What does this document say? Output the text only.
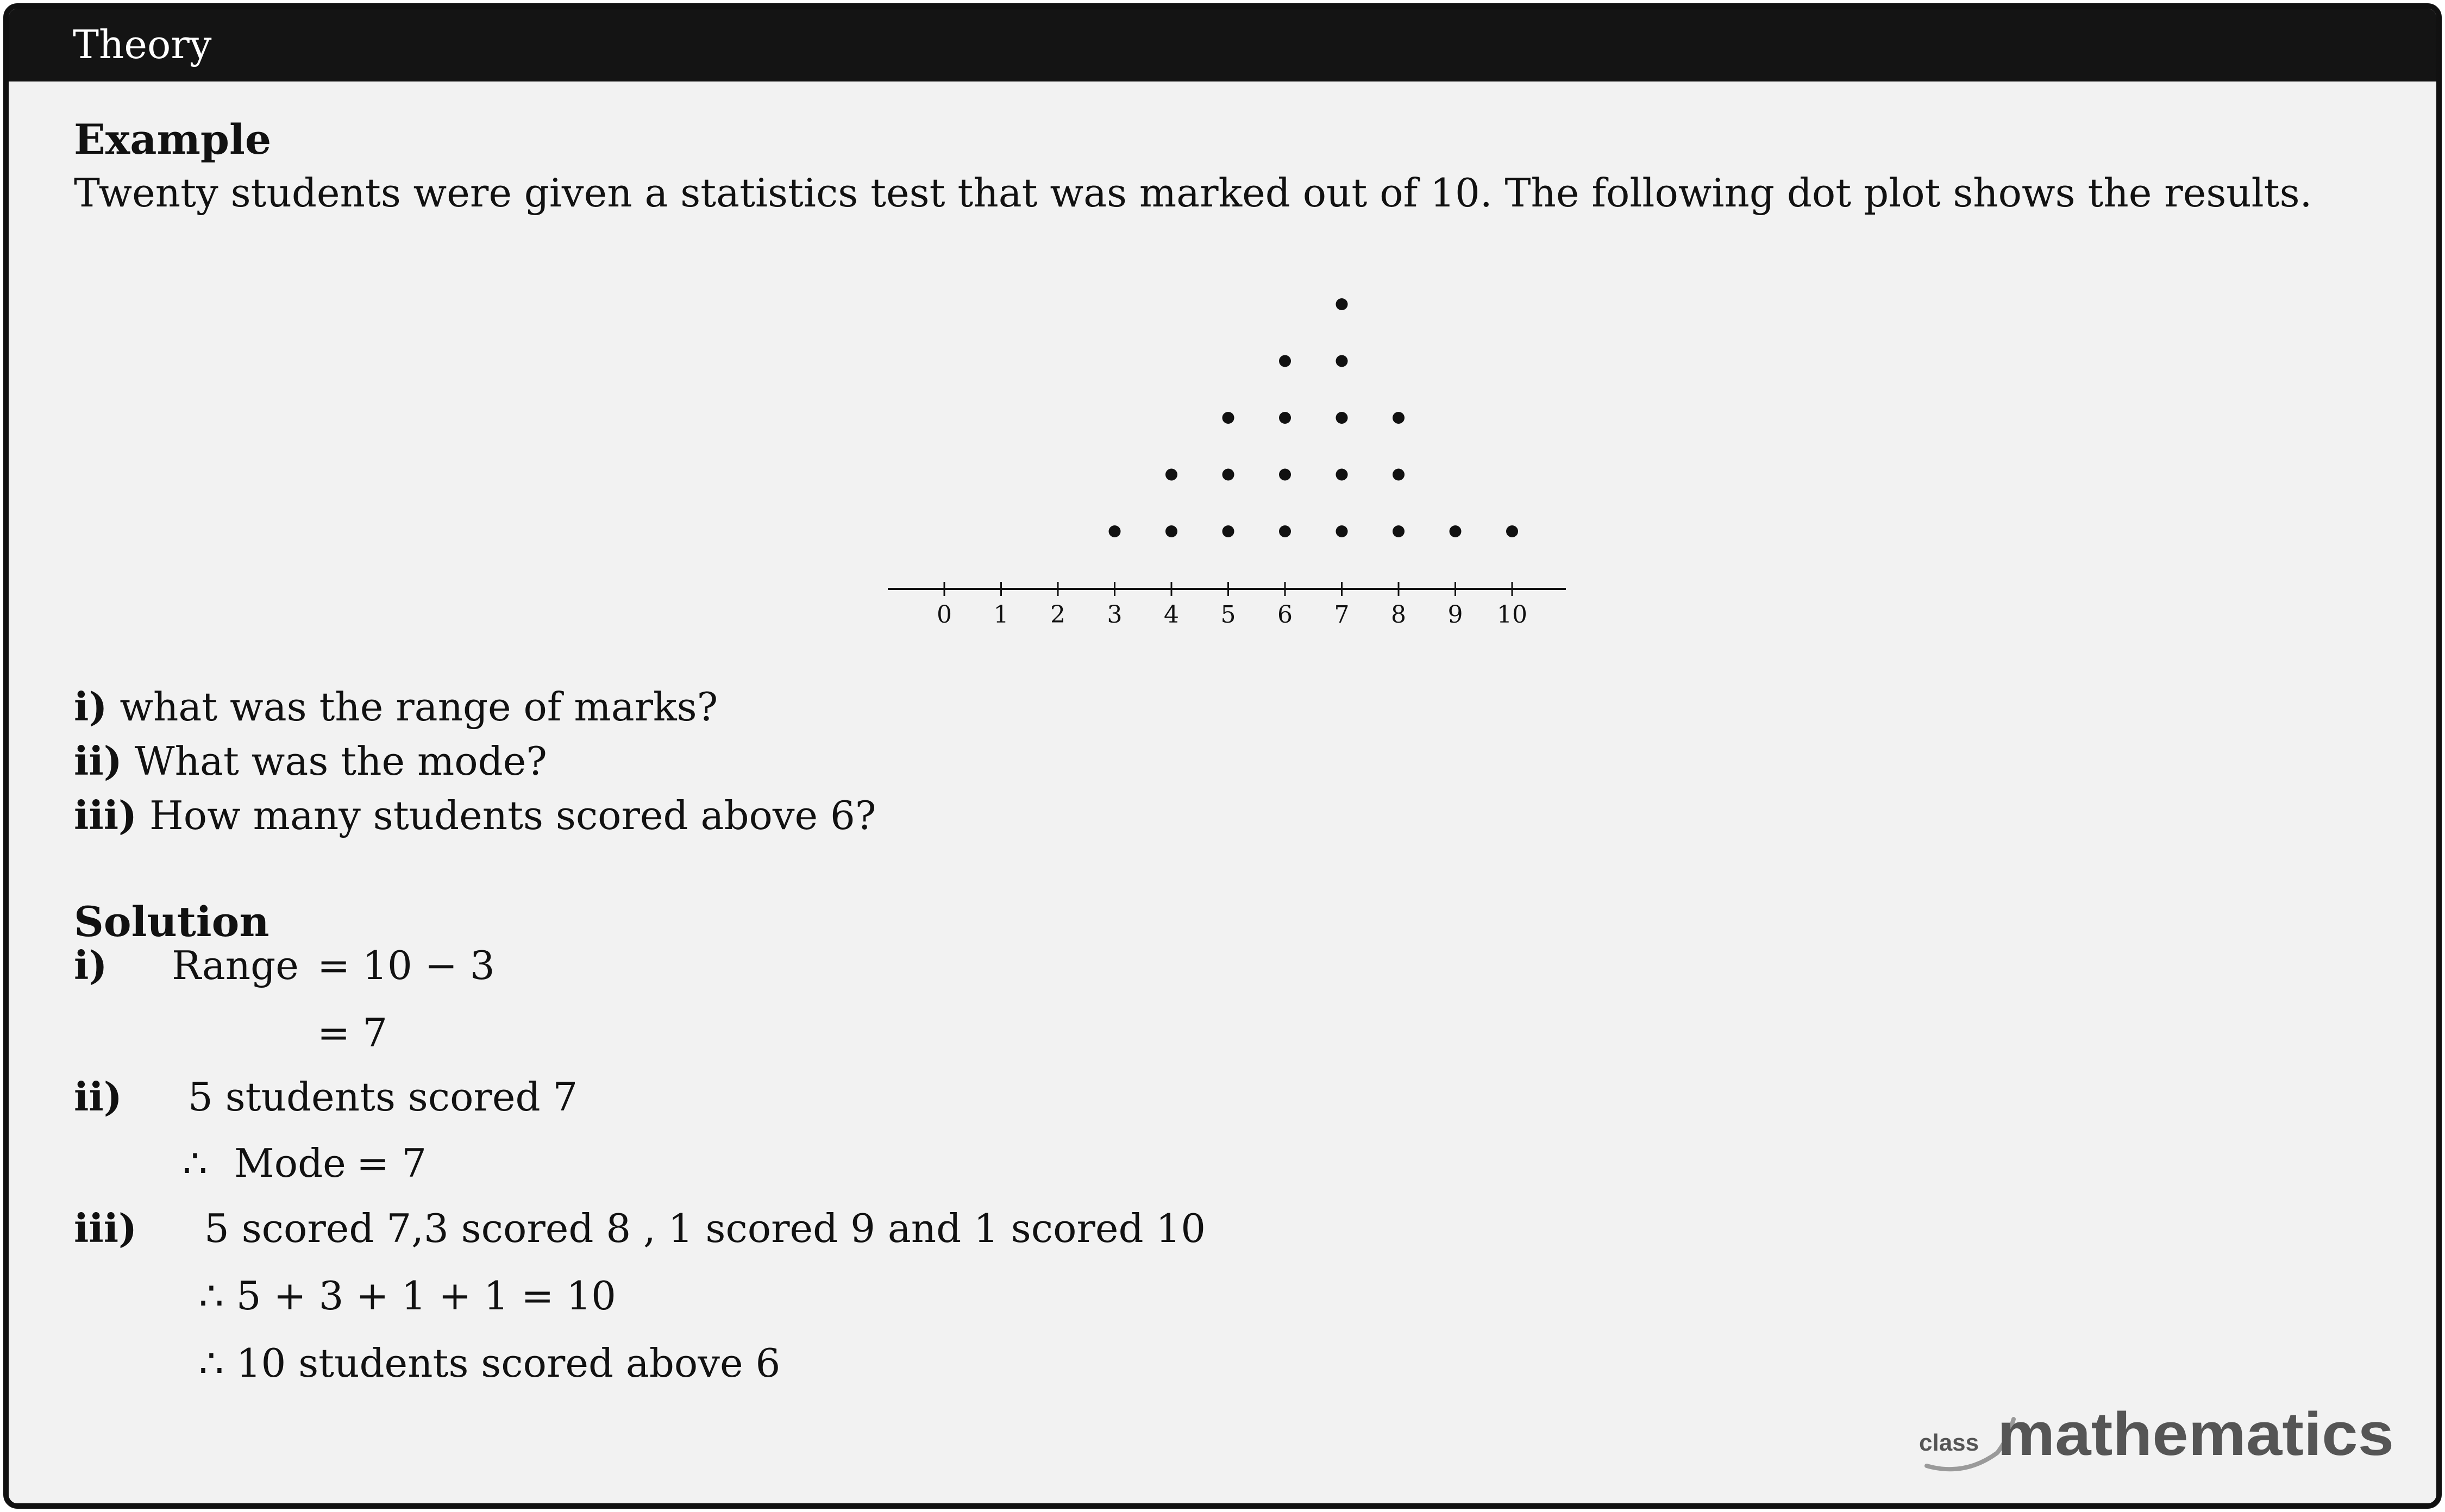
Theory
Example
Twenty students were given a statistics test that was marked out of 10. The following dot plot shows the results.
0 1 2 3 4 5 6 7 8 9 10
i) what was the range of marks?
ii) What was the mode?
iii) How many students scored above 6?
Solution
i) Range = 10 − 3
= 7
ii) 5 students scored 7
∴ Mode = 7
iii) 5 scored 7,3 scored 8 , 1 scored 9 and 1 scored 10
∴ 5 + 3 + 1 + 1 = 10
∴ 10 students scored above 6
class mathematics
